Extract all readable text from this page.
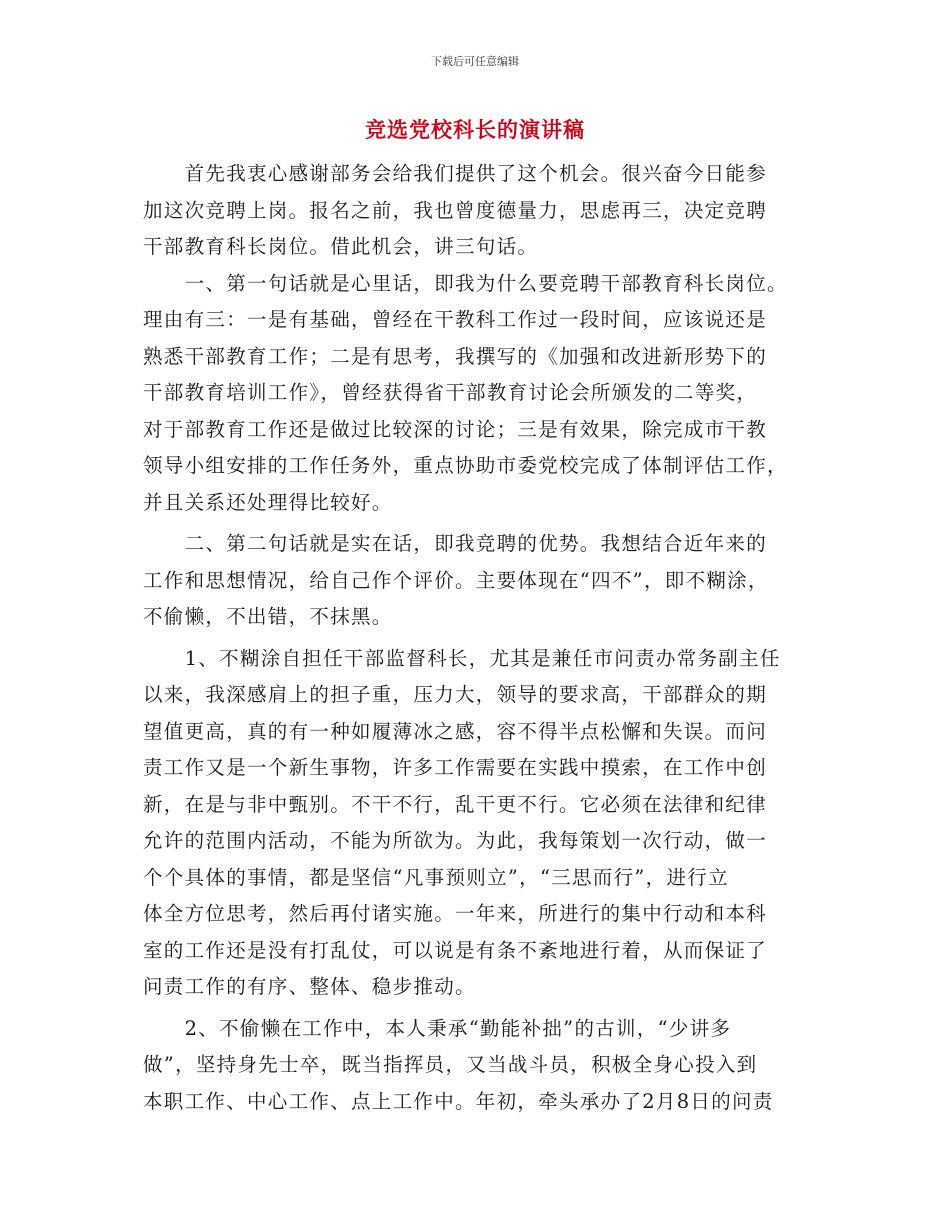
下载后可任意编辑
竞选党校科长的演讲稿
　　首先我衷心感谢部务会给我们提供了这个机会。很兴奋今日能参
加这次竞聘上岗。报名之前，我也曾度德量力，思虑再三，决定竞聘
干部教育科长岗位。借此机会，讲三句话。
　　一、第一句话就是心里话，即我为什么要竞聘干部教育科长岗位。
理由有三：一是有基础，曾经在干教科工作过一段时间，应该说还是
熟悉干部教育工作；二是有思考，我撰写的《加强和改进新形势下的
干部教育培训工作》，曾经获得省干部教育讨论会所颁发的二等奖，
对于部教育工作还是做过比较深的讨论；三是有效果，除完成市干教
领导小组安排的工作任务外，重点协助市委党校完成了体制评估工作，
并且关系还处理得比较好。
　　二、第二句话就是实在话，即我竞聘的优势。我想结合近年来的
工作和思想情况，给自己作个评价。主要体现在“四不”，即不糊涂，
不偷懒，不出错，不抹黑。
　　1、不糊涂自担任干部监督科长，尤其是兼任市问责办常务副主任
以来，我深感肩上的担子重，压力大，领导的要求高，干部群众的期
望值更高，真的有一种如履薄冰之感，容不得半点松懈和失误。而问
责工作又是一个新生事物，许多工作需要在实践中摸索，在工作中创
新，在是与非中甄别。不干不行，乱干更不行。它必须在法律和纪律
允许的范围内活动，不能为所欲为。为此，我每策划一次行动，做一
个个具体的事情，都是坚信“凡事预则立”，“三思而行”，进行立
体全方位思考，然后再付诸实施。一年来，所进行的集中行动和本科
室的工作还是没有打乱仗，可以说是有条不紊地进行着，从而保证了
问责工作的有序、整体、稳步推动。
　　2、不偷懒在工作中，本人秉承“勤能补拙”的古训，“少讲多
做”，坚持身先士卒，既当指挥员，又当战斗员，积极全身心投入到
本职工作、中心工作、点上工作中。年初，牵头承办了2月8日的问责
